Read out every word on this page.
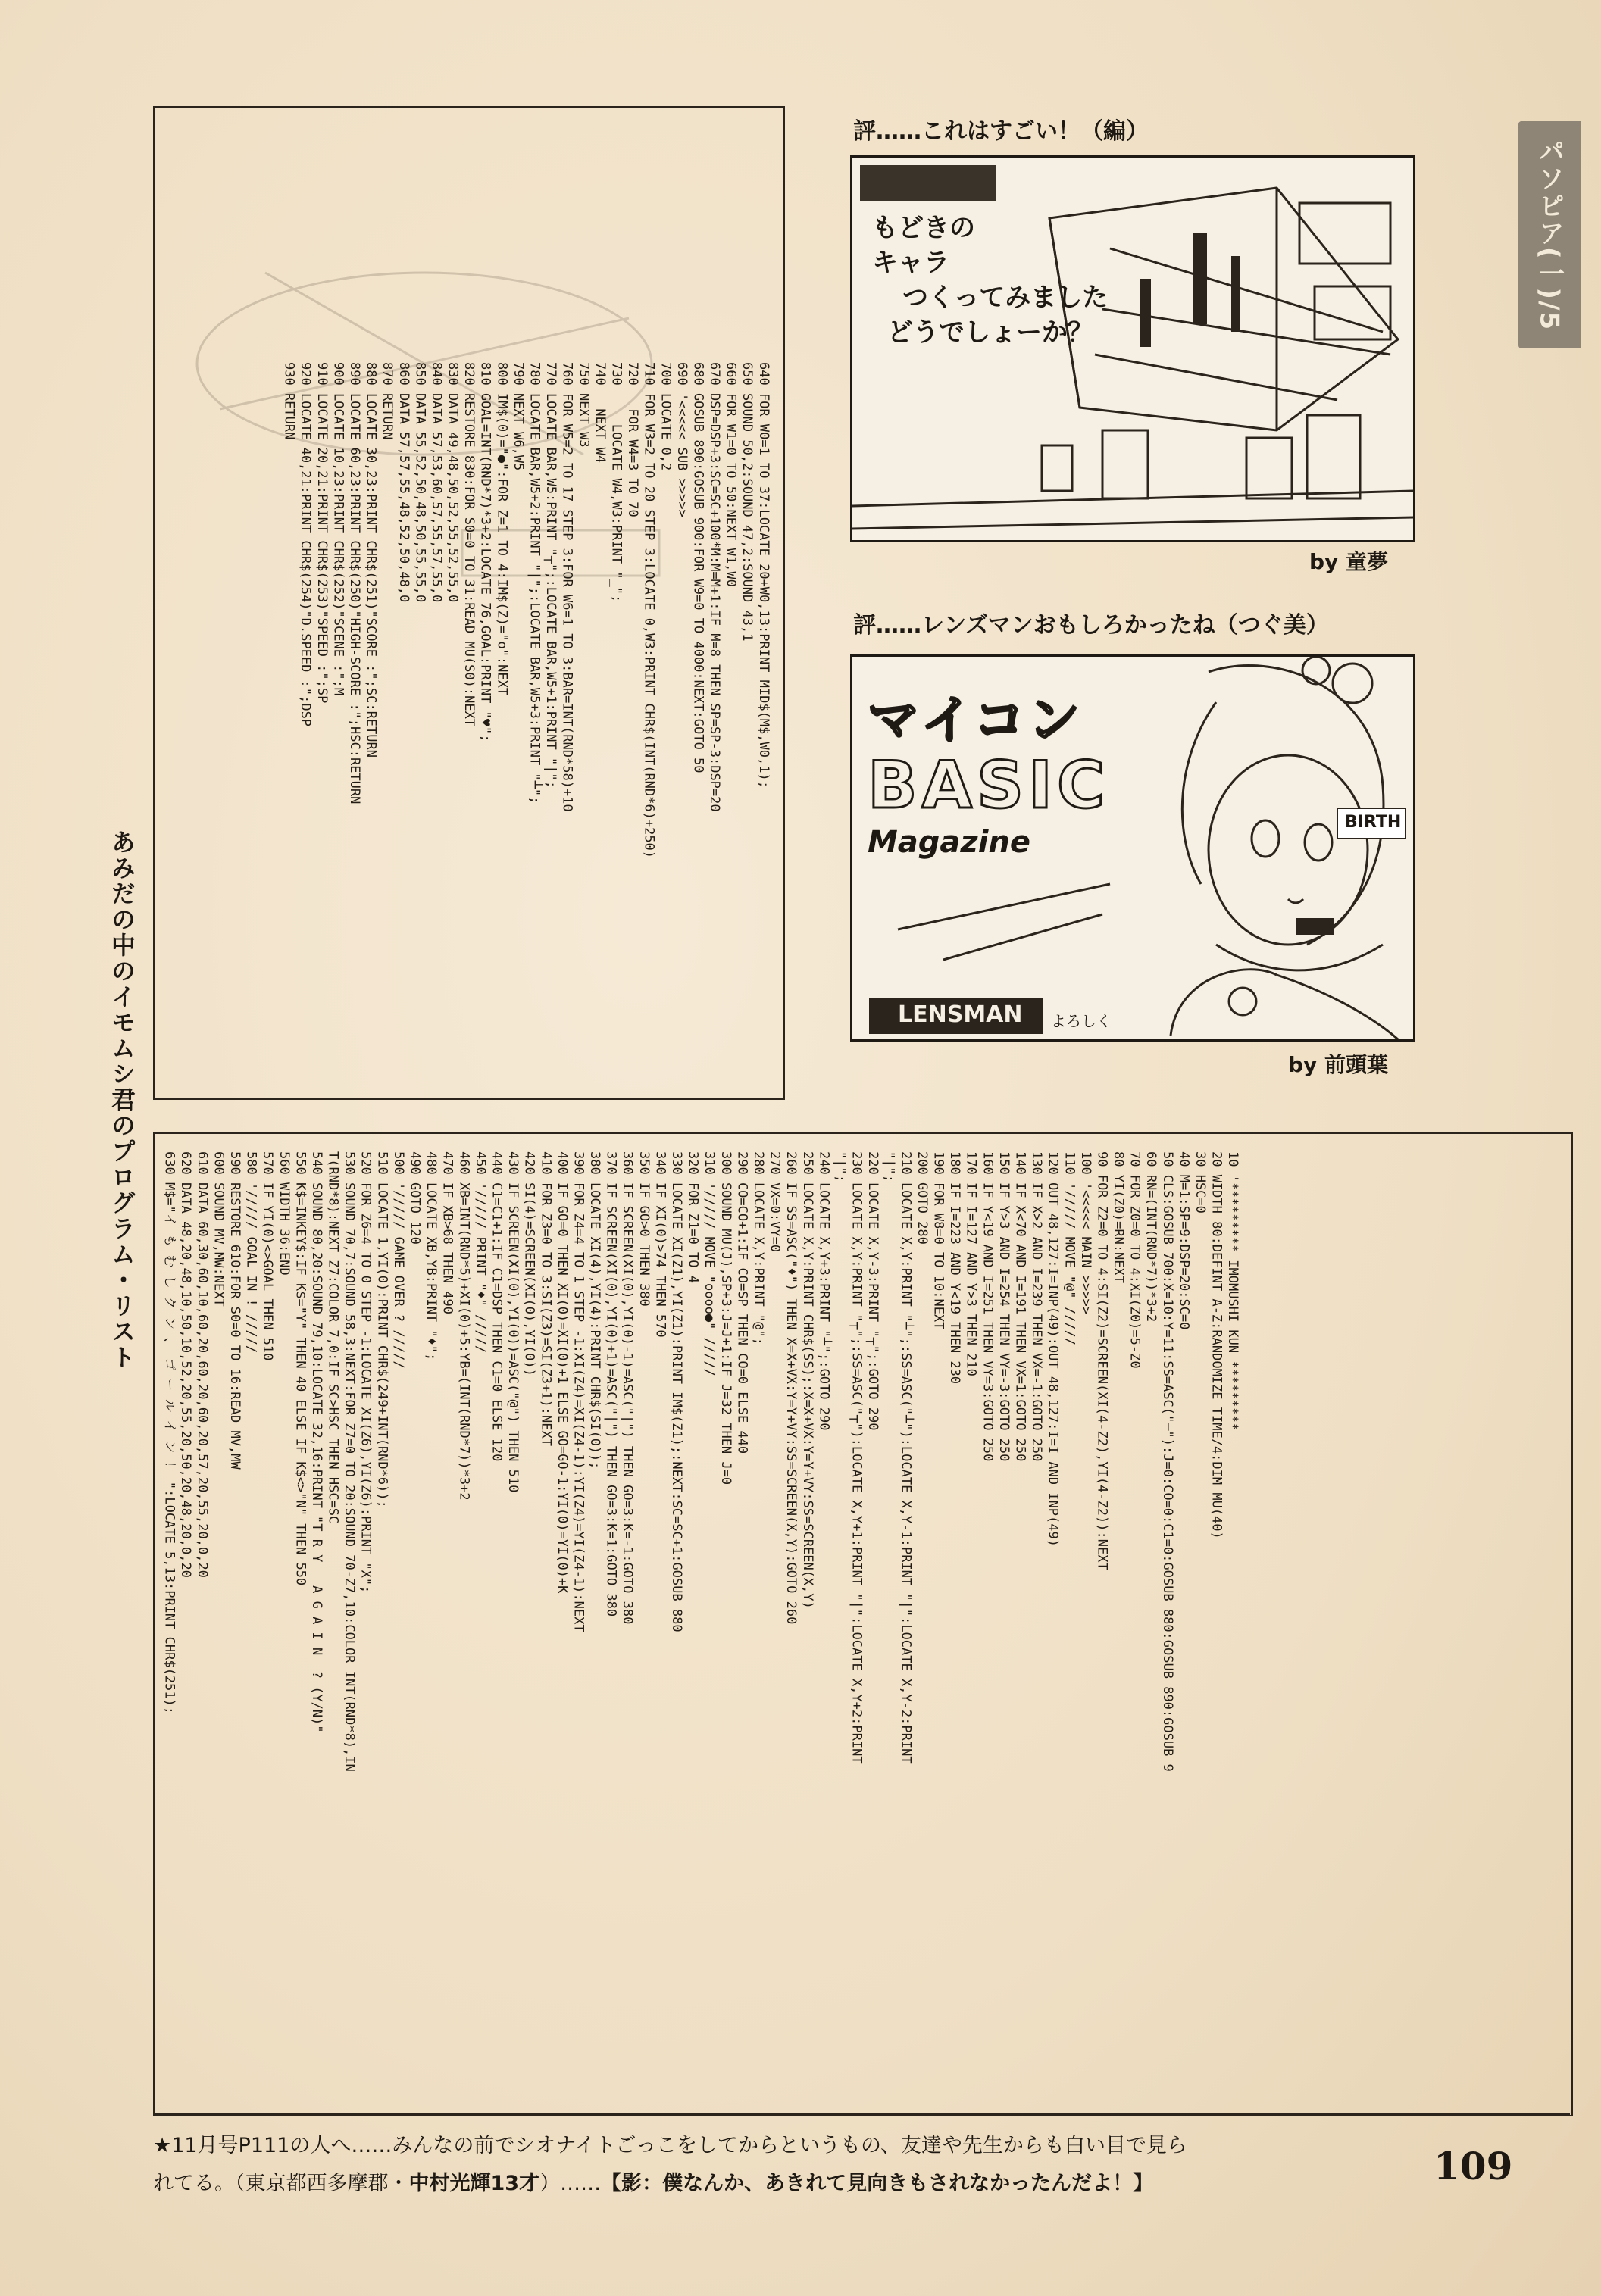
パソピア(一)/5
あみだの中のイモムシ君のプログラム・リスト
640 FOR W0=1 TO 37:LOCATE 20+W0,13:PRINT MID$(M$,W0,1);
650 SOUND 50,2:SOUND 47,2:SOUND 43,1
660 FOR W1=0 TO 50:NEXT W1,W0
670 DSP=DSP+3:SC=SC+100*M:M=M+1:IF M=8 THEN SP=SP-3:DSP=20
680 GOSUB 890:GOSUB 900:FOR W9=0 TO 4000:NEXT:GOTO 50
690 '<<<<< SUB >>>>>
700 LOCATE 0,2
710 FOR W3=2 TO 20 STEP 3:LOCATE 0,W3:PRINT CHR$(INT(RND*6)+250)
720   FOR W4=3 TO 70
730     LOCATE W4,W3:PRINT "_";
740   NEXT W4
750 NEXT W3
760 FOR W5=2 TO 17 STEP 3:FOR W6=1 TO 3:BAR=INT(RND*58)+10
770 LOCATE BAR,W5:PRINT "┬";:LOCATE BAR,W5+1:PRINT "|";
780 LOCATE BAR,W5+2:PRINT "|";:LOCATE BAR,W5+3:PRINT "┴";
790 NEXT W6,W5
800 IM$(0)="●":FOR Z=1 TO 4:IM$(Z)="o":NEXT
810 GOAL=INT(RND*7)*3+2:LOCATE 76,GOAL:PRINT "♥";
820 RESTORE 830:FOR S0=0 TO 31:READ MU(S0):NEXT
830 DATA 49,48,50,52,55,52,55,0
840 DATA 57,53,60,57,55,57,55,0
850 DATA 55,52,50,48,50,55,55,0
860 DATA 57,57,55,48,52,50,48,0
870 RETURN
880 LOCATE 30,23:PRINT CHR$(251)"SCORE :";SC:RETURN
890 LOCATE 60,23:PRINT CHR$(250)"HIGH-SCORE :";HSC:RETURN
900 LOCATE 10,23:PRINT CHR$(252)"SCENE :";M
910 LOCATE 20,21:PRINT CHR$(253)"SPEED :";SP
920 LOCATE 40,21:PRINT CHR$(254)"D.SPEED :";DSP
930 RETURN
10 '********* IMOMUSHI KUN *********
20 WIDTH 80:DEFINT A-Z:RANDOMIZE TIME/4:DIM MU(40)
30 HSC=0
40 M=1:SP=9:DSP=20:SC=0
50 CLS:GOSUB 700:X=10:Y=11:SS=ASC("─"):J=0:CO=0:C1=0:GOSUB 880:GOSUB 890:GOSUB 9
60 RN=(INT(RND*7))*3+2
70 FOR Z0=0 TO 4:XI(Z0)=5-Z0
80 YI(Z0)=RN:NEXT
90 FOR Z2=0 TO 4:SI(Z2)=SCREEN(XI(4-Z2),YI(4-Z2)):NEXT
100 '<<<<< MAIN >>>>>
110 '///// MOVE "@" /////
120 OUT 48,127:I=INP(49):OUT 48,127:I=I AND INP(49)
130 IF X>2 AND I=239 THEN VX=-1:GOTO 250
140 IF X<70 AND I=191 THEN VX=1:GOTO 250
150 IF Y>3 AND I=254 THEN VY=-3:GOTO 250
160 IF Y<19 AND I=251 THEN VY=3:GOTO 250
170 IF I=127 AND Y>3 THEN 210
180 IF I=223 AND Y<19 THEN 230
190 FOR W8=0 TO 10:NEXT
200 GOTO 280
210 LOCATE X,Y:PRINT "┴";:SS=ASC("┴"):LOCATE X,Y-1:PRINT "|":LOCATE X,Y-2:PRINT
"|";
220 LOCATE X,Y-3:PRINT "┬";:GOTO 290
230 LOCATE X,Y:PRINT "┬";:SS=ASC("┬"):LOCATE X,Y+1:PRINT "|":LOCATE X,Y+2:PRINT
"|";
240 LOCATE X,Y+3:PRINT "┴";:GOTO 290
250 LOCATE X,Y:PRINT CHR$(SS);:X=X+VX:Y=Y+VY:SS=SCREEN(X,Y)
260 IF SS=ASC("♦") THEN X=X+VX:Y=Y+VY:SS=SCREEN(X,Y):GOTO 260
270 VX=0:VY=0
280 LOCATE X,Y:PRINT "@";
290 CO=CO+1:IF CO=SP THEN CO=0 ELSE 440
300 SOUND MU(J),SP+3:J=J+1:IF J=32 THEN J=0
310 '///// MOVE "oooo●" /////
320 FOR Z1=0 TO 4
330 LOCATE XI(Z1),YI(Z1):PRINT IM$(Z1);:NEXT:SC=SC+1:GOSUB 880
340 IF XI(0)>74 THEN 570
350 IF GO>0 THEN 380
360 IF SCREEN(XI(0),YI(0)-1)=ASC("|") THEN GO=3:K=-1:GOTO 380
370 IF SCREEN(XI(0),YI(0)+1)=ASC("|") THEN GO=3:K=1:GOTO 380
380 LOCATE XI(4),YI(4):PRINT CHR$(SI(0));
390 FOR Z4=4 TO 1 STEP -1:XI(Z4)=XI(Z4-1):YI(Z4)=YI(Z4-1):NEXT
400 IF GO=0 THEN XI(0)=XI(0)+1 ELSE GO=GO-1:YI(0)=YI(0)+K
410 FOR Z3=0 TO 3:SI(Z3)=SI(Z3+1):NEXT
420 SI(4)=SCREEN(XI(0),YI(0))
430 IF SCREEN(XI(0),YI(0))=ASC("@") THEN 510
440 C1=C1+1:IF C1=DSP THEN C1=0 ELSE 120
450 '///// PRINT "♦" /////
460 XB=INT(RND*5)+XI(0)+5:YB=(INT(RND*7))*3+2
470 IF XB>68 THEN 490
480 LOCATE XB,YB:PRINT "♦";
490 GOTO 120
500 '///// GAME OVER ? /////
510 LOCATE 1,YI(0):PRINT CHR$(249+INT(RND*6));
520 FOR Z6=4 TO 0 STEP -1:LOCATE XI(Z6),YI(Z6):PRINT "X";
530 SOUND 70,7:SOUND 58,3:NEXT:FOR Z7=0 TO 20:SOUND 70-Z7,10:COLOR INT(RND*8),IN
T(RND*8):NEXT Z7:COLOR 7,0:IF SC>HSC THEN HSC=SC
540 SOUND 80,20:SOUND 79,10:LOCATE 32,16:PRINT "T R Y   A G A I N  ? (Y/N)"
550 K$=INKEY$:IF K$="Y" THEN 40 ELSE IF K$<>"N" THEN 550
560 WIDTH 36:END
570 IF YI(0)<>GOAL THEN 510
580 '///// GOAL IN ! /////
590 RESTORE 610:FOR S0=0 TO 16:READ MV,MW
600 SOUND MV,MW:NEXT
610 DATA 60,30,60,10,60,20,60,20,60,20,57,20,55,20,0,20
620 DATA 48,20,48,10,50,10,52,20,55,20,50,20,48,20,0,20
630 M$="イ も む し ク ン 、 ゴ ー ル イ ン ！ ":LOCATE 5,13:PRINT CHR$(251);
評……これはすごい！（編）
もどきの
キャラ
つくってみました
どうでしょーか？
by 童夢
評……レンズマンおもしろかったね（つぐ美）
マイコン
BASIC
Magazine
LENSMAN
BIRTH
よろしく
by 前頭葉
★11月号P111の人へ……みんなの前でシオナイトごっこをしてからというもの、友達や先生からも白い目で見ら
れてる。（東京都西多摩郡・中村光輝13才）……【影：僕なんか、あきれて見向きもされなかったんだよ！】	109
